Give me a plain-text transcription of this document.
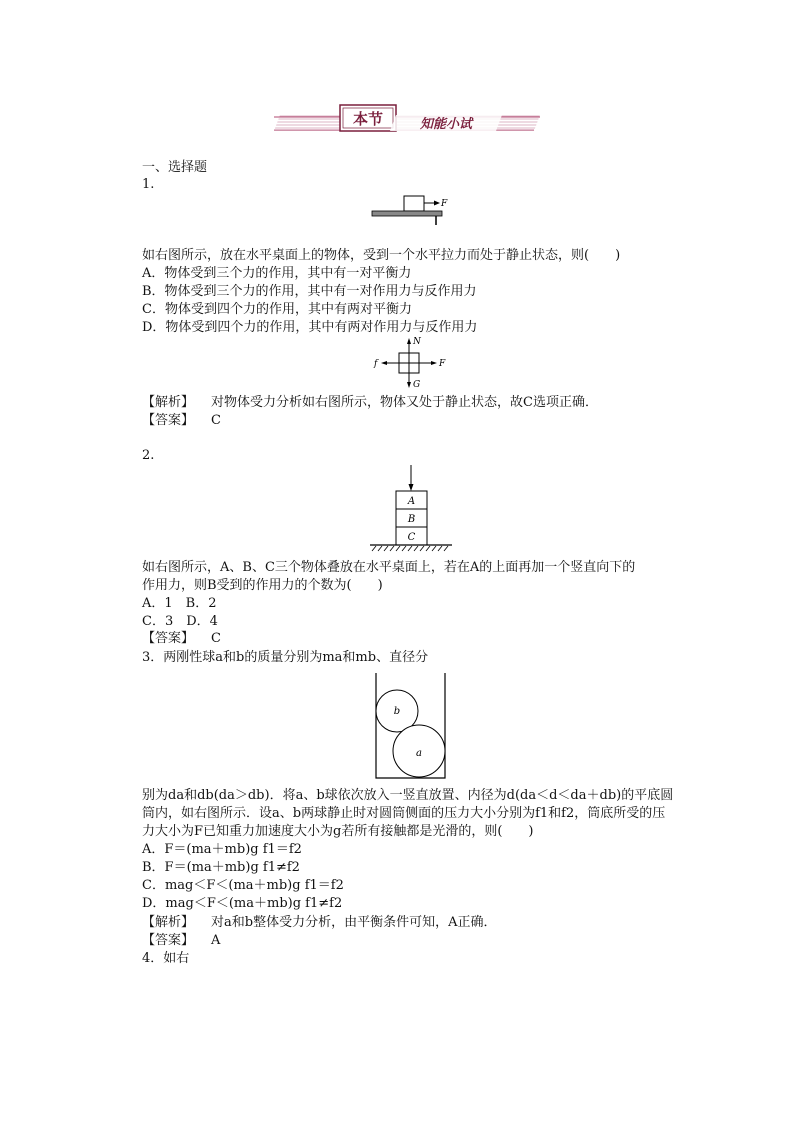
本节	知能小试
一、选择题
1.
F
如右图所示，放在水平桌面上的物体，受到一个水平拉力而处于静止状态，则(　　)
A．物体受到三个力的作用，其中有一对平衡力
B．物体受到三个力的作用，其中有一对作用力与反作用力
C．物体受到四个力的作用，其中有两对平衡力
D．物体受到四个力的作用，其中有两对作用力与反作用力
N
f	F
G
【解析】 对物体受力分析如右图所示，物体又处于静止状态，故C选项正确．
【答案】 C
2.
A
B
C
如右图所示，A、B、C三个物体叠放在水平桌面上，若在A的上面再加一个竖直向下的
作用力，则B受到的作用力的个数为(　　)
A．1　B．2
C．3　D．4
【答案】 C
3．两刚性球a和b的质量分别为ma和mb、直径分
b
a
别为da和db(da＞db)．将a、b球依次放入一竖直放置、内径为d(da＜d＜da＋db)的平底圆
筒内，如右图所示．设a、b两球静止时对圆筒侧面的压力大小分别为f1和f2，筒底所受的压
力大小为F已知重力加速度大小为g若所有接触都是光滑的，则(　　)
A．F＝(ma＋mb)g f1＝f2
B．F＝(ma＋mb)g f1≠f2
C．mag＜F＜(ma＋mb)g f1＝f2
D．mag＜F＜(ma＋mb)g f1≠f2
【解析】 对a和b整体受力分析，由平衡条件可知，A正确．
【答案】 A
4．如右
